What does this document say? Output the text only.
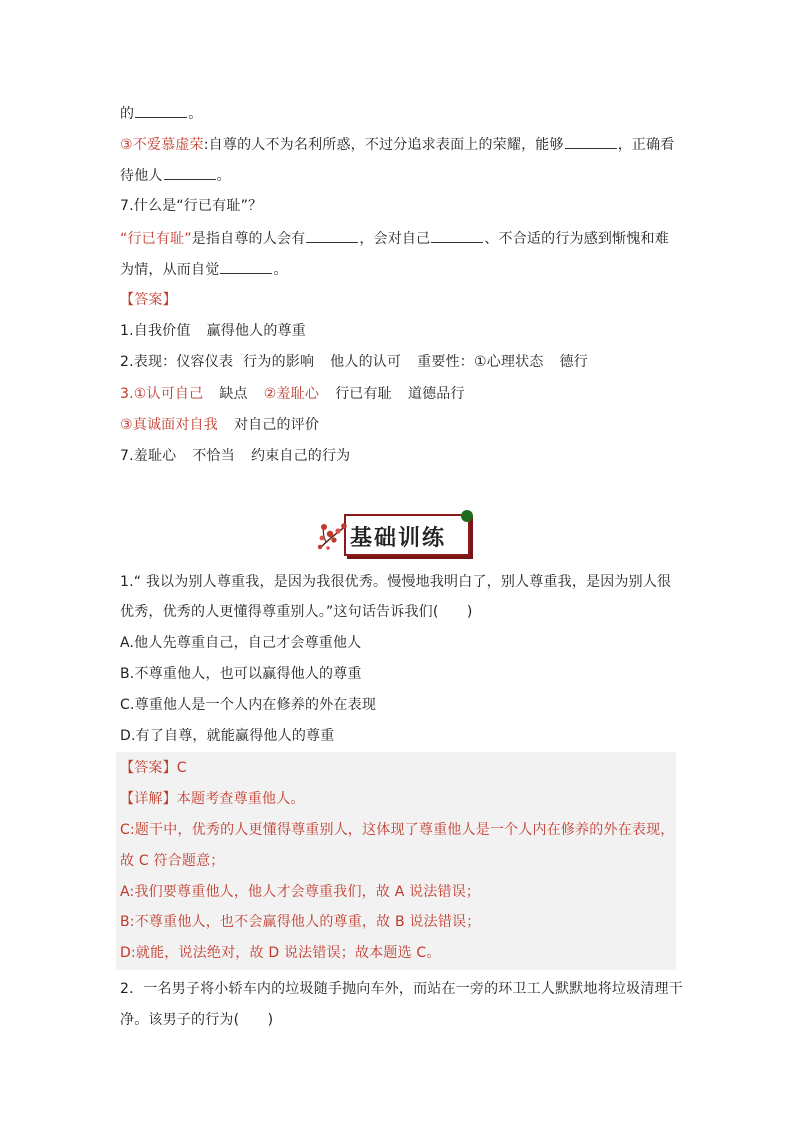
的	。
③不爱慕虚荣:自尊的人不为名利所惑，不过分追求表面上的荣耀，能够	，正确看
待他人	。
7.什么是“行已有耻”？
“行已有耻”是指自尊的人会有	，会对自己	、不合适的行为感到惭愧和难
为情，从而自觉	。
【答案】
1.自我价值 赢得他人的尊重
2.表现：仪容仪表 行为的影响 他人的认可 重要性：①心理状态 德行
3.①认可自己 缺点 ②羞耻心 行已有耻 道德品行
③真诚面对自我 对自己的评价
7.羞耻心 不恰当 约束自己的行为
基础训练
1.“ 我以为别人尊重我，是因为我很优秀。慢慢地我明白了，别人尊重我，是因为别人很
优秀，优秀的人更懂得尊重别人。”这句话告诉我们(　　)
A.他人先尊重自己，自己才会尊重他人
B.不尊重他人，也可以赢得他人的尊重
C.尊重他人是一个人内在修养的外在表现
D.有了自尊，就能赢得他人的尊重
【答案】C
【详解】本题考查尊重他人。
C:题干中，优秀的人更懂得尊重别人，这体现了尊重他人是一个人内在修养的外在表现，
故 C 符合题意；
A:我们要尊重他人，他人才会尊重我们，故 A 说法错误；
B:不尊重他人，也不会赢得他人的尊重，故 B 说法错误；
D:就能，说法绝对，故 D 说法错误；故本题选 C。
2．一名男子将小轿车内的垃圾随手抛向车外，而站在一旁的环卫工人默默地将垃圾清理干
净。该男子的行为(　　)
